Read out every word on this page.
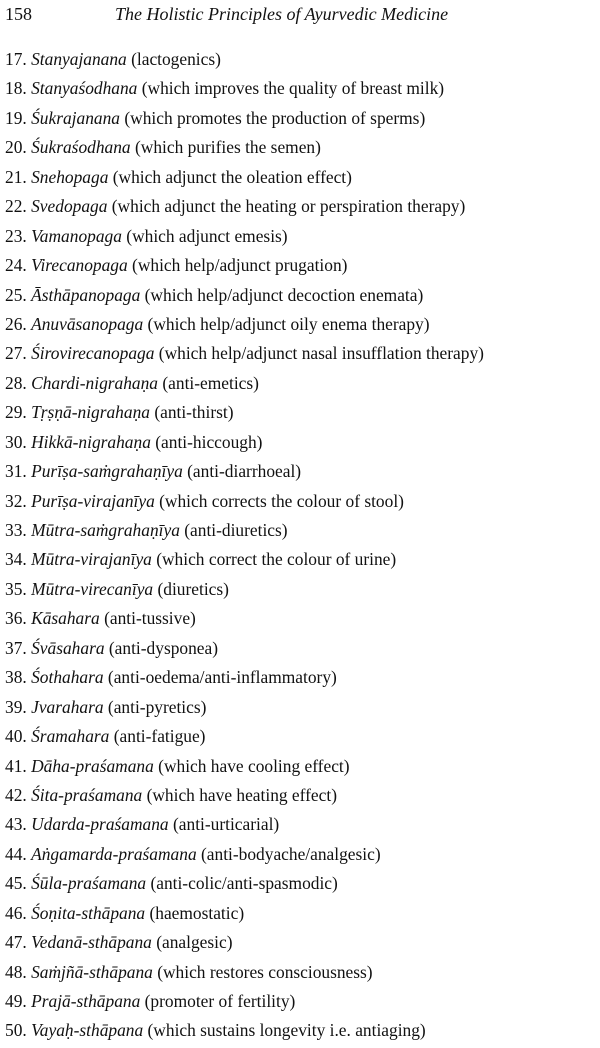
158	The Holistic Principles of Ayurvedic Medicine
17. Stanyajanana (lactogenics)
18. Stanyaśodhana (which improves the quality of breast milk)
19. Śukrajanana (which promotes the production of sperms)
20. Śukraśodhana (which purifies the semen)
21. Snehopaga (which adjunct the oleation effect)
22. Svedopaga (which adjunct the heating or perspiration therapy)
23. Vamanopaga (which adjunct emesis)
24. Virecanopaga (which help/adjunct prugation)
25. Āsthāpanopaga (which help/adjunct decoction enemata)
26. Anuvāsanopaga (which help/adjunct oily enema therapy)
27. Śirovirecanopaga (which help/adjunct nasal insufflation therapy)
28. Chardi-nigrahaṇa (anti-emetics)
29. Tṛṣṇā-nigrahaṇa (anti-thirst)
30. Hikkā-nigrahaṇa (anti-hiccough)
31. Purīṣa-saṁgrahaṇīya (anti-diarrhoeal)
32. Purīṣa-virajanīya (which corrects the colour of stool)
33. Mūtra-saṁgrahaṇīya (anti-diuretics)
34. Mūtra-virajanīya (which correct the colour of urine)
35. Mūtra-virecanīya (diuretics)
36. Kāsahara (anti-tussive)
37. Śvāsahara (anti-dysponea)
38. Śothahara (anti-oedema/anti-inflammatory)
39. Jvarahara (anti-pyretics)
40. Śramahara (anti-fatigue)
41. Dāha-praśamana (which have cooling effect)
42. Śita-praśamana (which have heating effect)
43. Udarda-praśamana (anti-urticarial)
44. Aṅgamarda-praśamana (anti-bodyache/analgesic)
45. Śūla-praśamana (anti-colic/anti-spasmodic)
46. Śoṇita-sthāpana (haemostatic)
47. Vedanā-sthāpana (analgesic)
48. Saṁjñā-sthāpana (which restores consciousness)
49. Prajā-sthāpana (promoter of fertility)
50. Vayaḥ-sthāpana (which sustains longevity i.e. antiaging)
